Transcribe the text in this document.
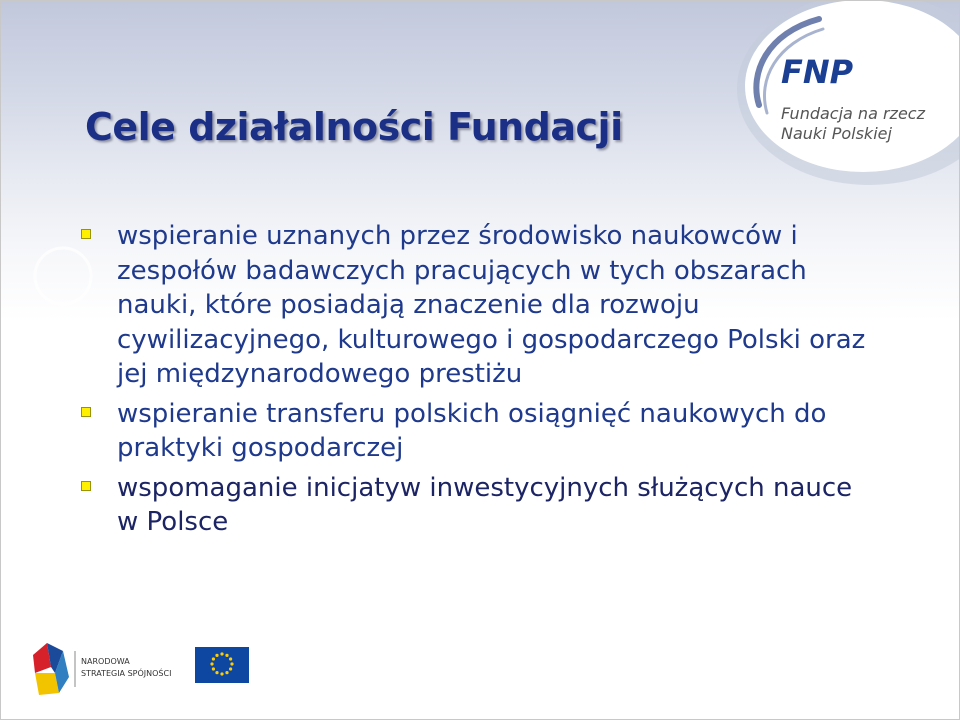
Cele działalności Fundacji
FNP
Fundacja na rzecz
Nauki Polskiej
wspieranie uznanych przez środowisko naukowców i zespołów badawczych pracujących w tych obszarach nauki, które posiadają znaczenie dla rozwoju cywilizacyjnego, kulturowego i gospodarczego Polski oraz jej międzynarodowego prestiżu
wspieranie transferu polskich osiągnięć naukowych do praktyki gospodarczej
wspomaganie inicjatyw inwestycyjnych służących nauce w Polsce
NARODOWA
STRATEGIA SPÓJNOŚCI
